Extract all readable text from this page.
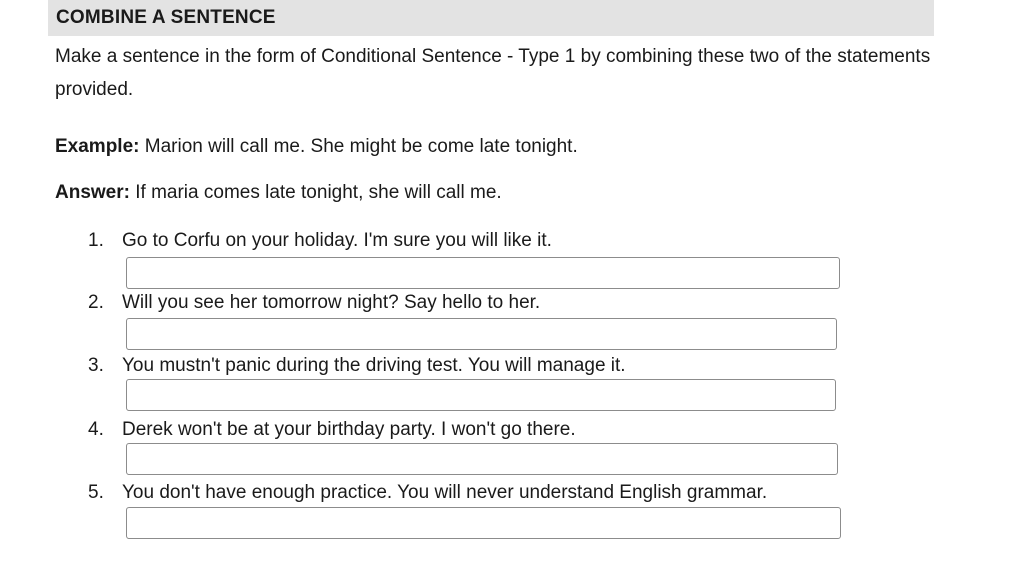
COMBINE A SENTENCE
Make a sentence in the form of Conditional Sentence - Type 1 by combining these two of the statements provided.
Example: Marion will call me. She might be come late tonight.
Answer: If maria comes late tonight, she will call me.
1. Go to Corfu on your holiday. I'm sure you will like it.
2. Will you see her tomorrow night? Say hello to her.
3. You mustn't panic during the driving test. You will manage it.
4. Derek won't be at your birthday party. I won't go there.
5. You don't have enough practice. You will never understand English grammar.
